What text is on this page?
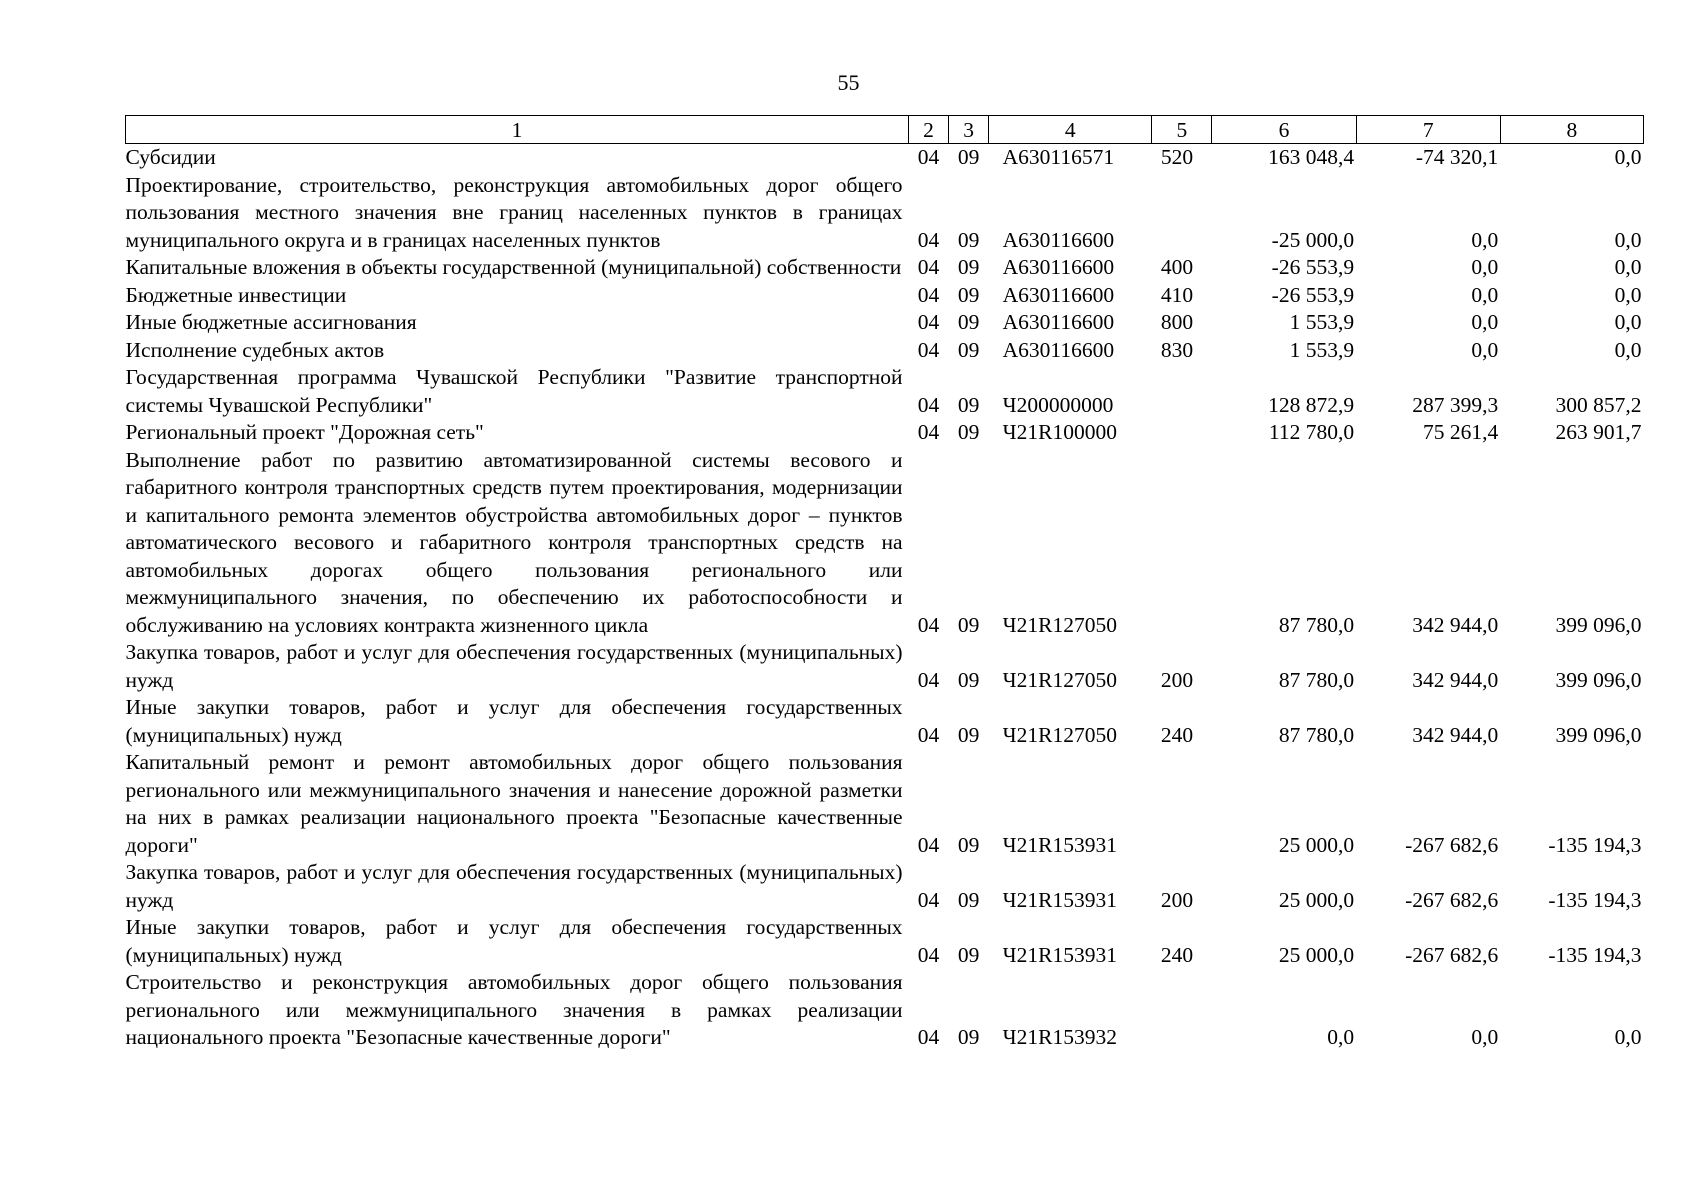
55
1	2	3	4	5	6	7	8
Субсидии	04	09	А630116571	520	163 048,4	-74 320,1	0,0
Проектирование, строительство, реконструкция автомобильных дорог общего пользования местного значения вне границ населенных пунктов в границах муниципального округа и в границах населенных пунктов	04	09	А630116600		-25 000,0	0,0	0,0
Капитальные вложения в объекты государственной (муниципальной) собственности	04	09	А630116600	400	-26 553,9	0,0	0,0
Бюджетные инвестиции	04	09	А630116600	410	-26 553,9	0,0	0,0
Иные бюджетные ассигнования	04	09	А630116600	800	1 553,9	0,0	0,0
Исполнение судебных актов	04	09	А630116600	830	1 553,9	0,0	0,0
Государственная программа Чувашской Республики "Развитие транспортной системы Чувашской Республики"	04	09	Ч200000000		128 872,9	287 399,3	300 857,2
Региональный проект "Дорожная сеть"	04	09	Ч21R100000		112 780,0	75 261,4	263 901,7
Выполнение работ по развитию автоматизированной системы весового и габаритного контроля транспортных средств путем проектирования, модернизации и капитального ремонта элементов обустройства автомобильных дорог – пунктов автоматического весового и габаритного контроля транспортных средств на автомобильных дорогах общего пользования регионального или межмуниципального значения, по обеспечению их работоспособности и обслуживанию на условиях контракта жизненного цикла	04	09	Ч21R127050		87 780,0	342 944,0	399 096,0
Закупка товаров, работ и услуг для обеспечения государственных (муниципальных) нужд	04	09	Ч21R127050	200	87 780,0	342 944,0	399 096,0
Иные закупки товаров, работ и услуг для обеспечения государственных (муниципальных) нужд	04	09	Ч21R127050	240	87 780,0	342 944,0	399 096,0
Капитальный ремонт и ремонт автомобильных дорог общего пользования регионального или межмуниципального значения и нанесение дорожной разметки на них в рамках реализации национального проекта "Безопасные качественные дороги"	04	09	Ч21R153931		25 000,0	-267 682,6	-135 194,3
Закупка товаров, работ и услуг для обеспечения государственных (муниципальных) нужд	04	09	Ч21R153931	200	25 000,0	-267 682,6	-135 194,3
Иные закупки товаров, работ и услуг для обеспечения государственных (муниципальных) нужд	04	09	Ч21R153931	240	25 000,0	-267 682,6	-135 194,3
Строительство и реконструкция автомобильных дорог общего пользования регионального или межмуниципального значения в рамках реализации национального проекта "Безопасные качественные дороги"	04	09	Ч21R153932		0,0	0,0	0,0
